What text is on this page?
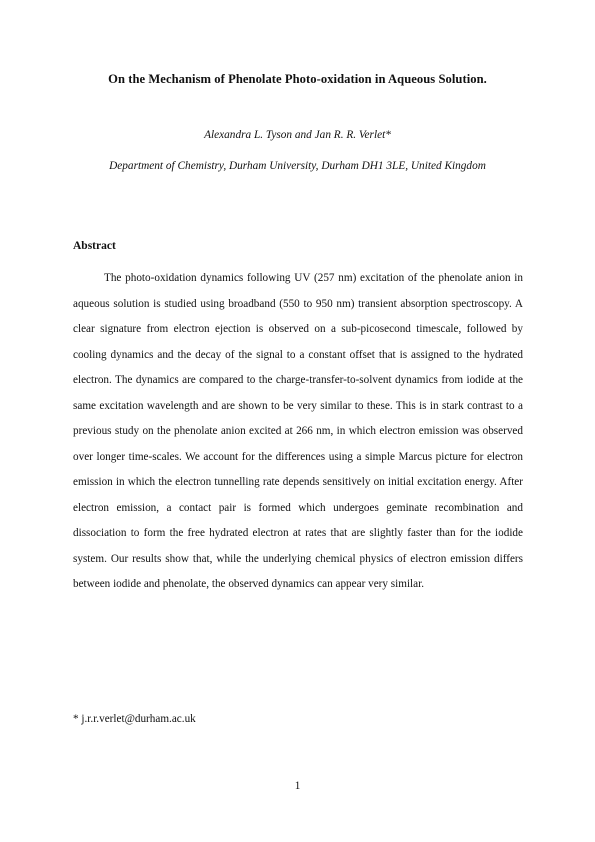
On the Mechanism of Phenolate Photo-oxidation in Aqueous Solution.
Alexandra L. Tyson and Jan R. R. Verlet*
Department of Chemistry, Durham University, Durham DH1 3LE, United Kingdom
Abstract

The photo-oxidation dynamics following UV (257 nm) excitation of the phenolate anion in aqueous solution is studied using broadband (550 to 950 nm) transient absorption spectroscopy. A clear signature from electron ejection is observed on a sub-picosecond timescale, followed by cooling dynamics and the decay of the signal to a constant offset that is assigned to the hydrated electron. The dynamics are compared to the charge-transfer-to-solvent dynamics from iodide at the same excitation wavelength and are shown to be very similar to these. This is in stark contrast to a previous study on the phenolate anion excited at 266 nm, in which electron emission was observed over longer time-scales. We account for the differences using a simple Marcus picture for electron emission in which the electron tunnelling rate depends sensitively on initial excitation energy. After electron emission, a contact pair is formed which undergoes geminate recombination and dissociation to form the free hydrated electron at rates that are slightly faster than for the iodide system. Our results show that, while the underlying chemical physics of electron emission differs between iodide and phenolate, the observed dynamics can appear very similar.

* j.r.r.verlet@durham.ac.uk
1
